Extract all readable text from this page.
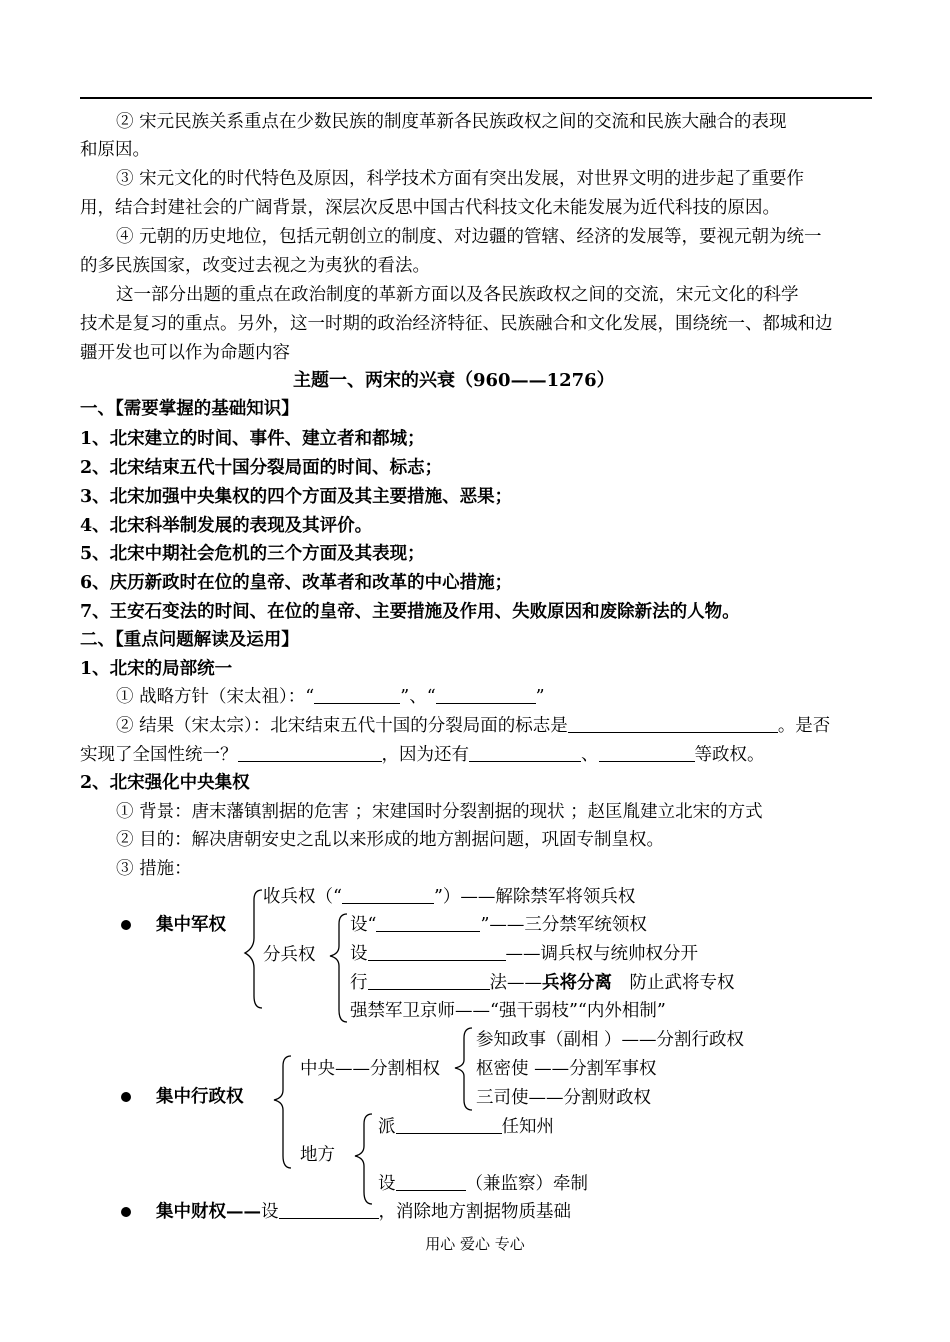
② 宋元民族关系重点在少数民族的制度革新各民族政权之间的交流和民族大融合的表现
和原因。
③ 宋元文化的时代特色及原因，科学技术方面有突出发展，对世界文明的进步起了重要作
用，结合封建社会的广阔背景，深层次反思中国古代科技文化未能发展为近代科技的原因。
④ 元朝的历史地位，包括元朝创立的制度、对边疆的管辖、经济的发展等，要视元朝为统一
的多民族国家，改变过去视之为夷狄的看法。
这一部分出题的重点在政治制度的革新方面以及各民族政权之间的交流，宋元文化的科学
技术是复习的重点。另外，这一时期的政治经济特征、民族融合和文化发展，围绕统一、都城和边
疆开发也可以作为命题内容
主题一、两宋的兴衰（960——1276）
一、【需要掌握的基础知识】
1、北宋建立的时间、事件、建立者和都城；
2、北宋结束五代十国分裂局面的时间、标志；
3、北宋加强中央集权的四个方面及其主要措施、恶果；
4、北宋科举制发展的表现及其评价。
5、北宋中期社会危机的三个方面及其表现；
6、庆历新政时在位的皇帝、改革者和改革的中心措施；
7、王安石变法的时间、在位的皇帝、主要措施及作用、失败原因和废除新法的人物。
二、【重点问题解读及运用】
1、北宋的局部统一
① 战略方针（宋太祖）：“	”、“	”
② 结果（宋太宗）：北宋结束五代十国的分裂局面的标志是	。是否
实现了全国性统一？	，因为还有	、	等政权。
2、北宋强化中央集权
① 背景：唐末藩镇割据的危害 ；宋建国时分裂割据的现状 ；赵匡胤建立北宋的方式
② 目的：解决唐朝安史之乱以来形成的地方割据问题，巩固专制皇权。
③ 措施：
集中军权
收兵权（“	”）——解除禁军将领兵权
分兵权
设“	”——三分禁军统领权
设	——调兵权与统帅权分开
行	法——兵将分离　防止武将专权
强禁军卫京师——“强干弱枝”“内外相制”
集中行政权
中央——分割相权
参知政事（副相 ）——分割行政权
枢密使 ——分割军事权
三司使——分割财政权
地方
派	任知州
设	（兼监察）牵制
集中财权——设	，消除地方割据物质基础
用心 爱心 专心
